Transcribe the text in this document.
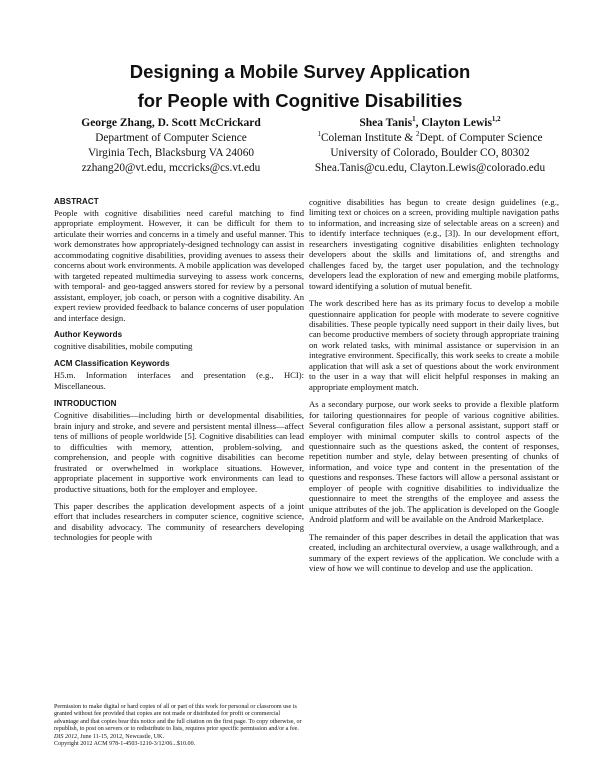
Designing a Mobile Survey Application
for People with Cognitive Disabilities
George Zhang, D. Scott McCrickard
Department of Computer Science
Virginia Tech, Blacksburg VA 24060
zzhang20@vt.edu, mccricks@cs.vt.edu
Shea Tanis$^1$, Clayton Lewis$^{1,2}$
$^1$Coleman Institute & $^2$Dept. of Computer Science
University of Colorado, Boulder CO, 80302
Shea.Tanis@cu.edu, Clayton.Lewis@colorado.edu
ABSTRACT

People with cognitive disabilities need careful matching to find appropriate employment. However, it can be difficult for them to articulate their worries and concerns in a timely and useful manner. This work demonstrates how appropriately-designed technology can assist in accommodating cognitive disabilities, providing avenues to assess their concerns about work environments. A mobile application was developed with targeted repeated multimedia surveying to assess work concerns, with temporal- and geo-tagged answers stored for review by a personal assistant, employer, job coach, or person with a cognitive disability. An expert review provided feedback to balance concerns of user population and interface design.

Author Keywords

cognitive disabilities, mobile computing

ACM Classification Keywords

H5.m. Information interfaces and presentation (e.g., HCI): Miscellaneous.

INTRODUCTION

Cognitive disabilities—including birth or developmental disabilities, brain injury and stroke, and severe and persistent mental illness—affect tens of millions of people worldwide [5]. Cognitive disabilities can lead to difficulties with memory, attention, problem-solving, and comprehension, and people with cognitive disabilities can become frustrated or overwhelmed in workplace situations. However, appropriate placement in supportive work environments can lead to productive situations, both for the employer and employee.

This paper describes the application development aspects of a joint effort that includes researchers in computer science, cognitive science, and disability advocacy. The community of researchers developing technologies for people with

cognitive disabilities has begun to create design guidelines (e.g., limiting text or choices on a screen, providing multiple navigation paths to information, and increasing size of selectable areas on a screen) and to identify interface techniques (e.g., [3]). In our development effort, researchers investigating cognitive disabilities enlighten technology developers about the skills and limitations of, and strengths and challenges faced by, the target user population, and the technology developers lead the exploration of new and emerging mobile platforms, toward identifying a solution of mutual benefit.

The work described here has as its primary focus to develop a mobile questionnaire application for people with moderate to severe cognitive disabilities. These people typically need support in their daily lives, but can become productive members of society through appropriate training on work related tasks, with minimal assistance or supervision in an integrative environment. Specifically, this work seeks to create a mobile application that will ask a set of questions about the work environment to the user in a way that will elicit helpful responses in making an appropriate employment match.

As a secondary purpose, our work seeks to provide a flexible platform for tailoring questionnaires for people of various cognitive abilities. Several configuration files allow a personal assistant, support staff or employer with minimal computer skills to control aspects of the questionnaire such as the questions asked, the content of responses, repetition number and style, delay between presenting of chunks of information, and voice type and content in the presentation of the questions and responses. These factors will allow a personal assistant or employer of people with cognitive disabilities to individualize the questionnaire to meet the strengths of the employee and assess the unique attributes of the job. The application is developed on the Google Android platform and will be available on the Android Marketplace.

The remainder of this paper describes in detail the application that was created, including an architectural overview, a usage walkthrough, and a summary of the expert reviews of the application. We conclude with a view of how we will continue to develop and use the application.

Permission to make digital or hard copies of all or part of this work for personal or classroom use is granted without fee provided that copies are not made or distributed for profit or commercial advantage and that copies bear this notice and the full citation on the first page. To copy otherwise, or republish, to post on servers or to redistribute to lists, requires prior specific permission and/or a fee.

DIS 2012, June 11-15, 2012, Newcastle, UK.

Copyright 2012 ACM 978-1-4503-1210-3/12/06...$10.00.
